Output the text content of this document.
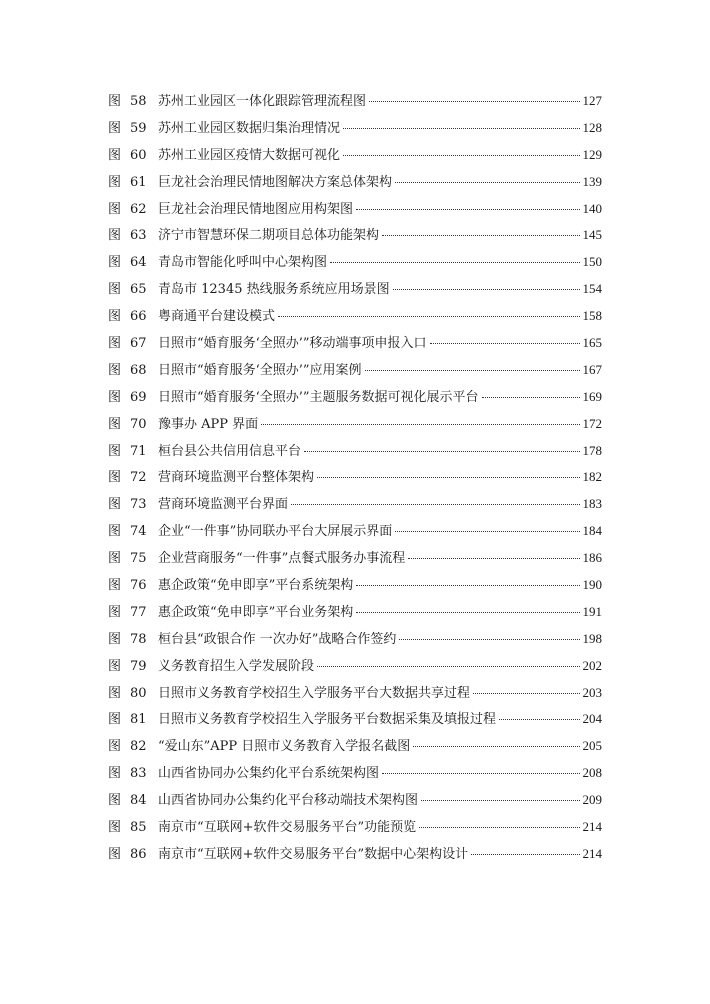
图 58 苏州工业园区一体化跟踪管理流程图	127
图 59 苏州工业园区数据归集治理情况	128
图 60 苏州工业园区疫情大数据可视化	129
图 61 巨龙社会治理民情地图解决方案总体架构	139
图 62 巨龙社会治理民情地图应用构架图	140
图 63 济宁市智慧环保二期项目总体功能架构	145
图 64 青岛市智能化呼叫中心架构图	150
图 65 青岛市 12345 热线服务系统应用场景图	154
图 66 粤商通平台建设模式	158
图 67 日照市“婚育服务‘全照办’”移动端事项申报入口	165
图 68 日照市“婚育服务‘全照办’”应用案例	167
图 69 日照市“婚育服务‘全照办’”主题服务数据可视化展示平台	169
图 70 豫事办 APP 界面	172
图 71 桓台县公共信用信息平台	178
图 72 营商环境监测平台整体架构	182
图 73 营商环境监测平台界面	183
图 74 企业“一件事”协同联办平台大屏展示界面	184
图 75 企业营商服务“一件事”点餐式服务办事流程	186
图 76 惠企政策“免申即享”平台系统架构	190
图 77 惠企政策“免申即享”平台业务架构	191
图 78 桓台县“政银合作 一次办好”战略合作签约	198
图 79 义务教育招生入学发展阶段	202
图 80 日照市义务教育学校招生入学服务平台大数据共享过程	203
图 81 日照市义务教育学校招生入学服务平台数据采集及填报过程	204
图 82 “爱山东”APP 日照市义务教育入学报名截图	205
图 83 山西省协同办公集约化平台系统架构图	208
图 84 山西省协同办公集约化平台移动端技术架构图	209
图 85 南京市“互联网+软件交易服务平台”功能预览	214
图 86 南京市“互联网+软件交易服务平台”数据中心架构设计	214
